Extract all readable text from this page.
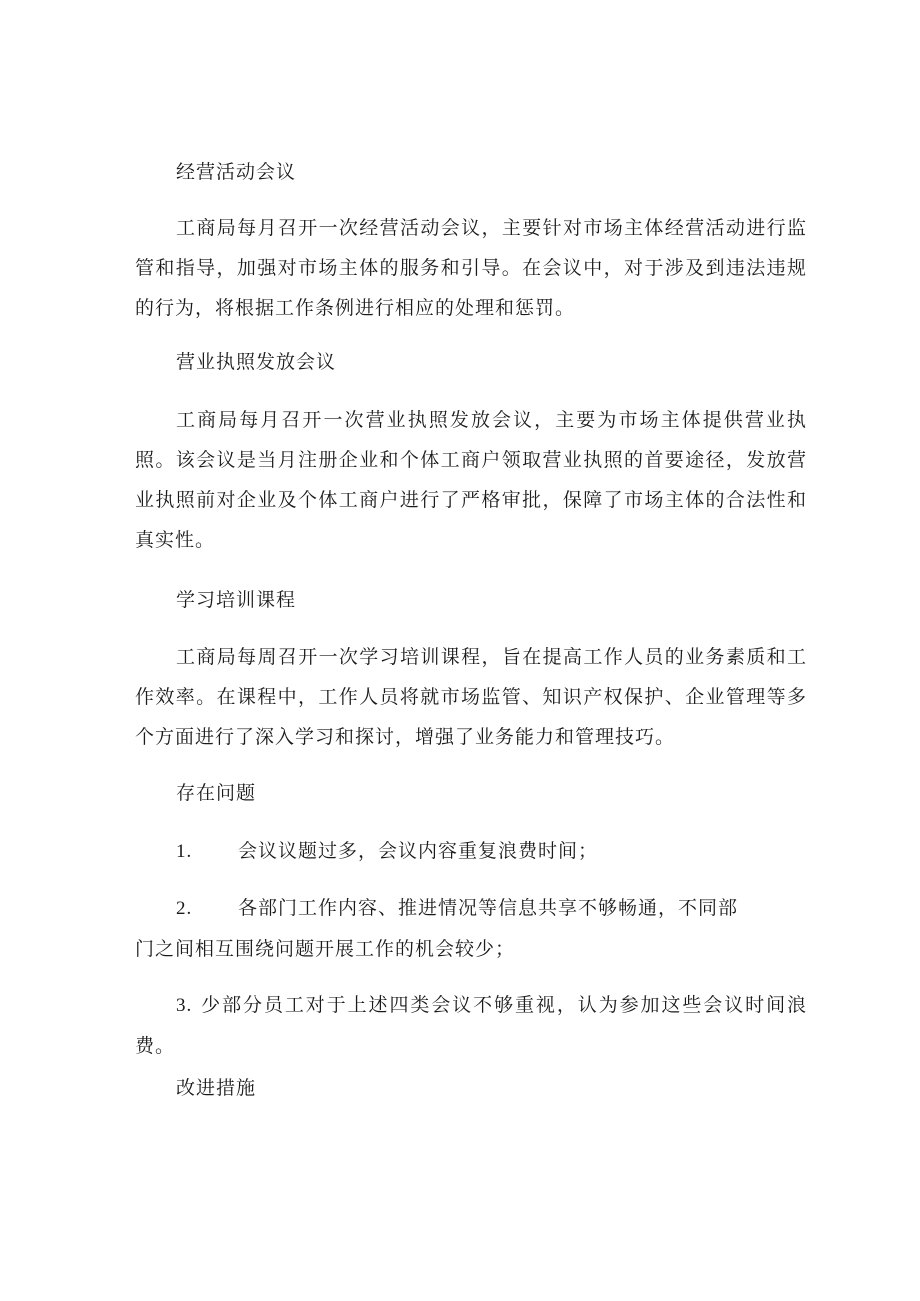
经营活动会议
工商局每月召开一次经营活动会议，主要针对市场主体经营活动进行监管和指导，加强对市场主体的服务和引导。在会议中，对于涉及到违法违规的行为，将根据工作条例进行相应的处理和惩罚。
营业执照发放会议
工商局每月召开一次营业执照发放会议，主要为市场主体提供营业执照。该会议是当月注册企业和个体工商户领取营业执照的首要途径，发放营业执照前对企业及个体工商户进行了严格审批，保障了市场主体的合法性和真实性。
学习培训课程
工商局每周召开一次学习培训课程，旨在提高工作人员的业务素质和工作效率。在课程中，工作人员将就市场监管、知识产权保护、企业管理等多个方面进行了深入学习和探讨，增强了业务能力和管理技巧。
存在问题
1. 会议议题过多，会议内容重复浪费时间；
2. 各部门工作内容、推进情况等信息共享不够畅通，不同部
门之间相互围绕问题开展工作的机会较少；
3. 少部分员工对于上述四类会议不够重视，认为参加这些会议时间浪费。
改进措施
